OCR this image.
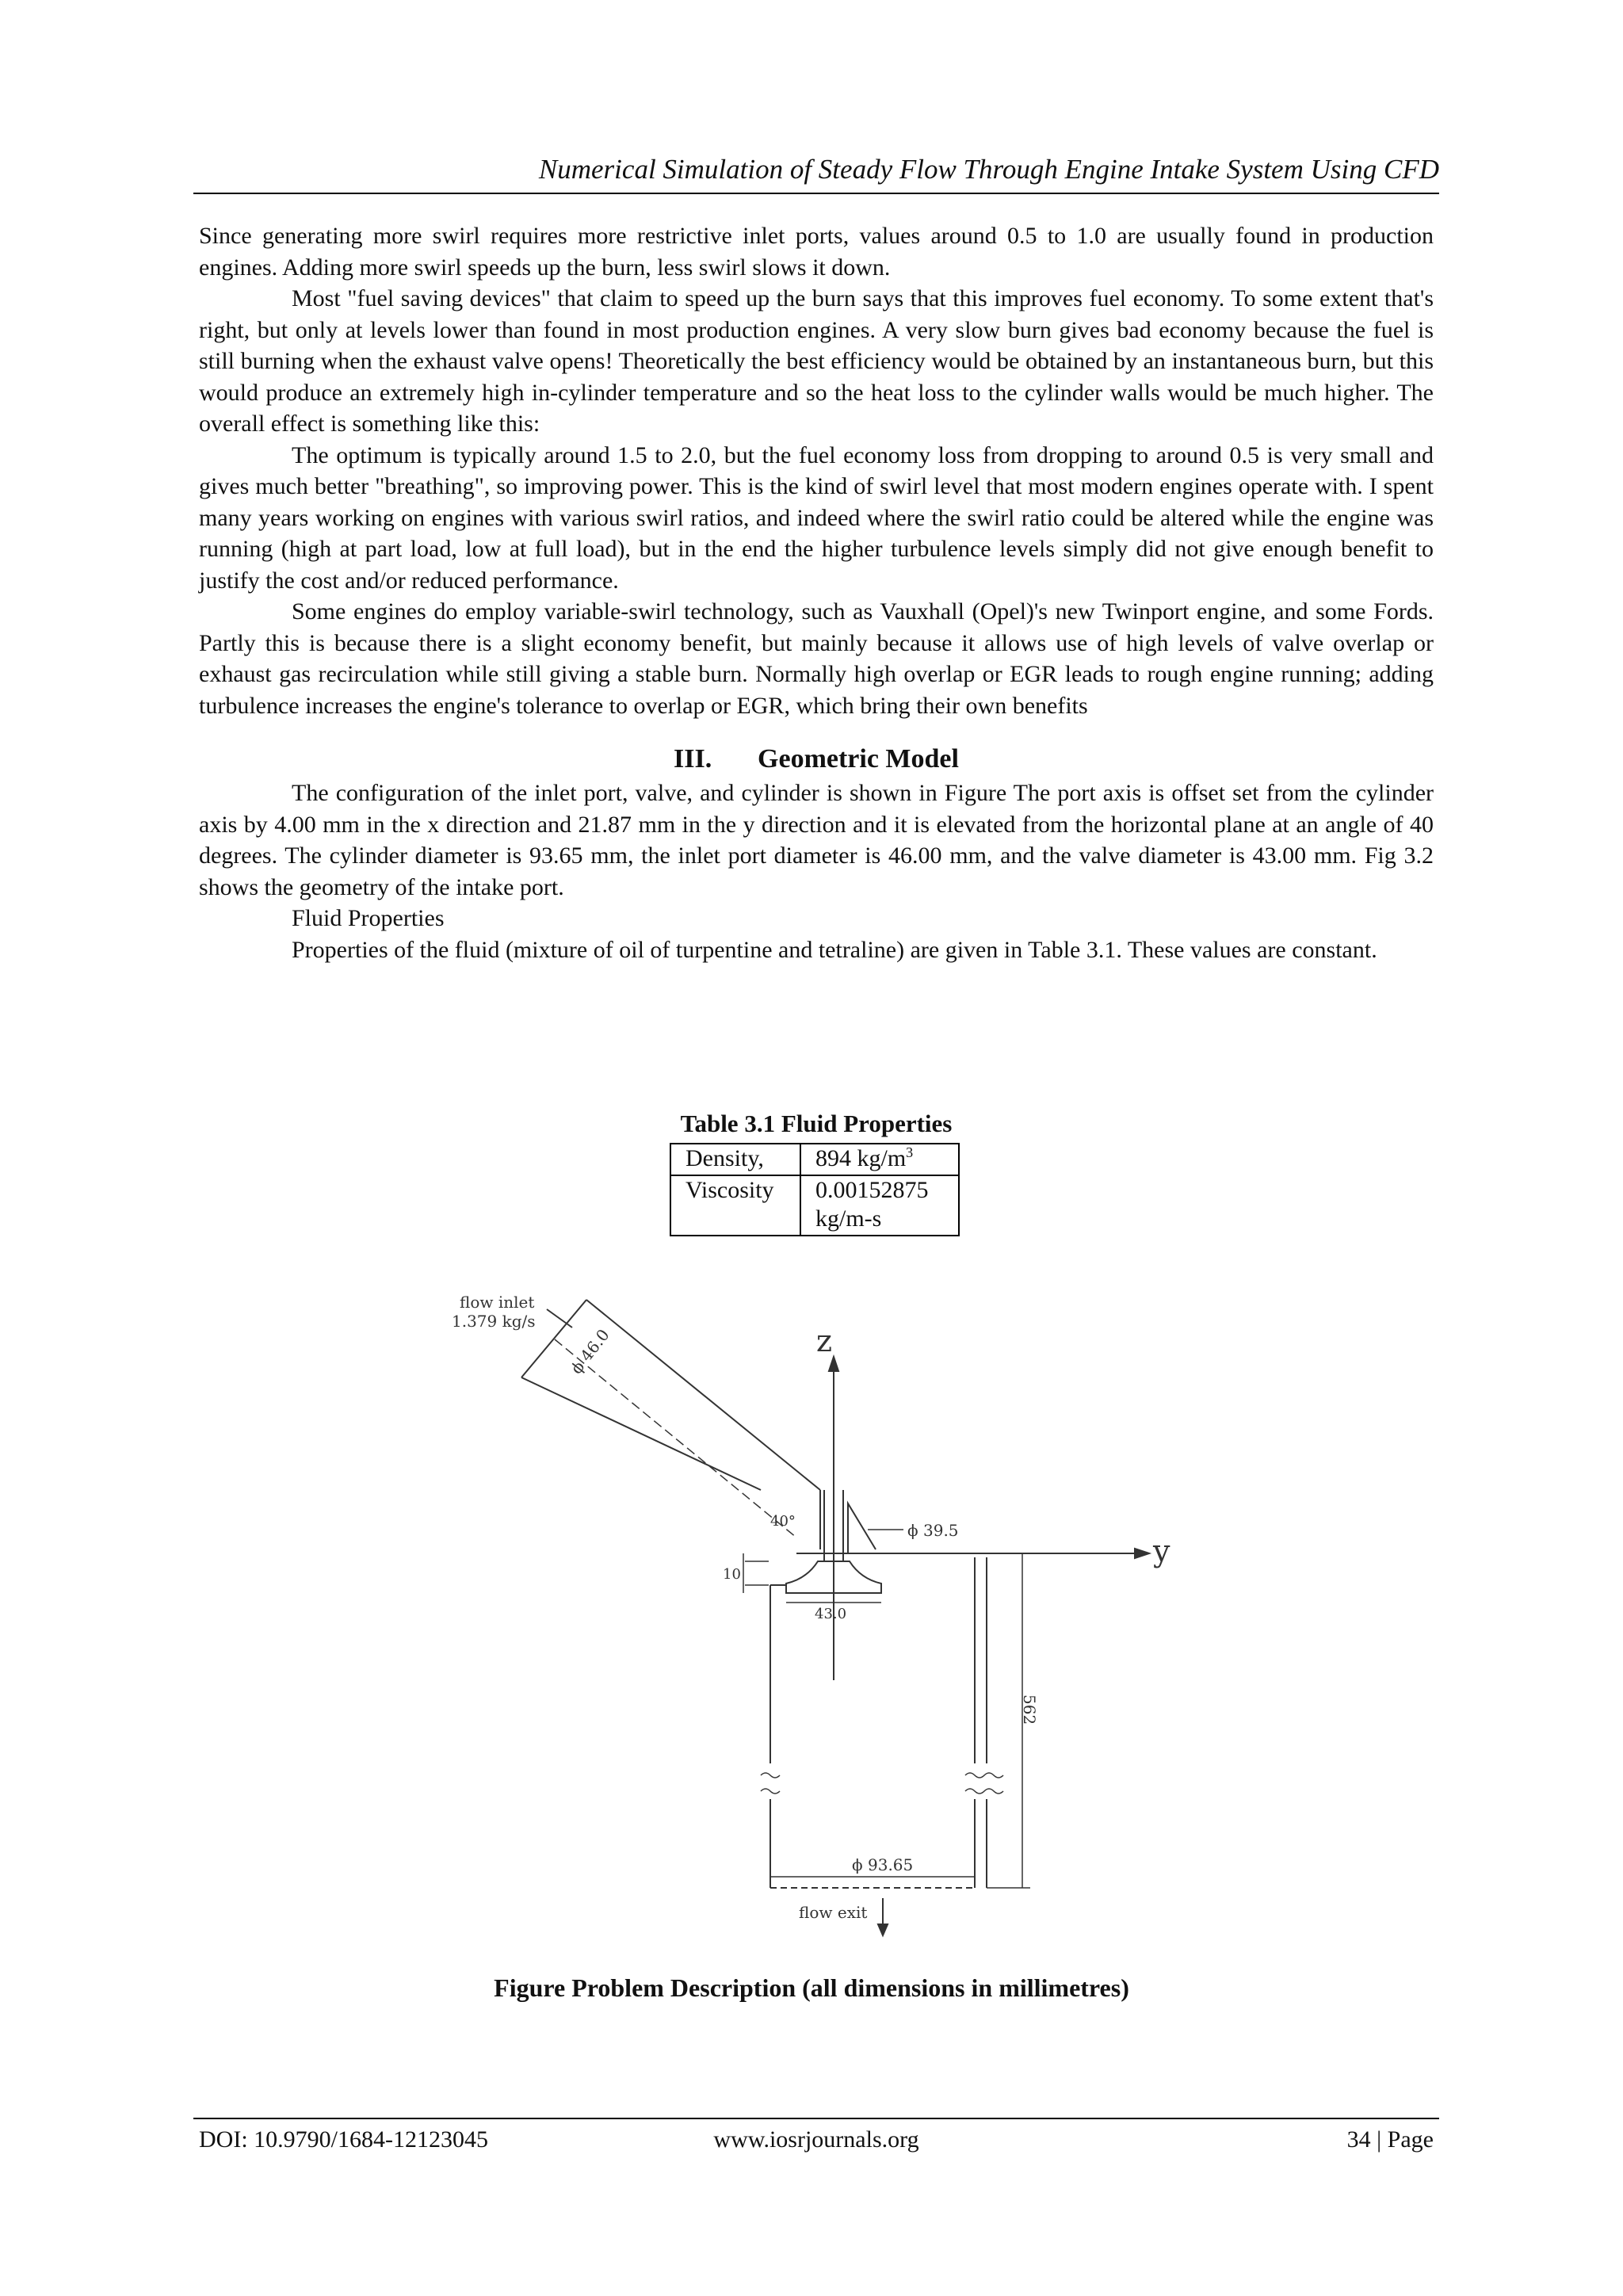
Numerical Simulation of Steady Flow Through Engine Intake System Using CFD

Since generating more swirl requires more restrictive inlet ports, values around 0.5 to 1.0 are usually found in production engines. Adding more swirl speeds up the burn, less swirl slows it down.

Most "fuel saving devices" that claim to speed up the burn says that this improves fuel economy. To some extent that's right, but only at levels lower than found in most production engines. A very slow burn gives bad economy because the fuel is still burning when the exhaust valve opens! Theoretically the best efficiency would be obtained by an instantaneous burn, but this would produce an extremely high in-cylinder temperature and so the heat loss to the cylinder walls would be much higher. The overall effect is something like this:

The optimum is typically around 1.5 to 2.0, but the fuel economy loss from dropping to around 0.5 is very small and gives much better "breathing", so improving power. This is the kind of swirl level that most modern engines operate with. I spent many years working on engines with various swirl ratios, and indeed where the swirl ratio could be altered while the engine was running (high at part load, low at full load), but in the end the higher turbulence levels simply did not give enough benefit to justify the cost and/or reduced performance.

Some engines do employ variable-swirl technology, such as Vauxhall (Opel)'s new Twinport engine, and some Fords. Partly this is because there is a slight economy benefit, but mainly because it allows use of high levels of valve overlap or exhaust gas recirculation while still giving a stable burn. Normally high overlap or EGR leads to rough engine running; adding turbulence increases the engine's tolerance to overlap or EGR, which bring their own benefits

III. Geometric Model

The configuration of the inlet port, valve, and cylinder is shown in Figure The port axis is offset set from the cylinder axis by 4.00 mm in the x direction and 21.87 mm in the y direction and it is elevated from the horizontal plane at an angle of 40 degrees. The cylinder diameter is 93.65 mm, the inlet port diameter is 46.00 mm, and the valve diameter is 43.00 mm. Fig 3.2 shows the geometry of the intake port.

Fluid Properties

Properties of the fluid (mixture of oil of turpentine and tetraline) are given in Table 3.1. These values are constant.

Table 3.1 Fluid Properties
Density,	894 $kg/m^3$
Viscosity	0.00152875 kg/m-s
flow inlet
1.379 kg/s
ϕ 46.0	z
y
40°	ϕ 39.5
10
43.0
562
ϕ 93.65
flow exit
Figure Problem Description (all dimensions in millimetres)
DOI: 10.9790/1684-12123045	www.iosrjournals.org	34 | Page
